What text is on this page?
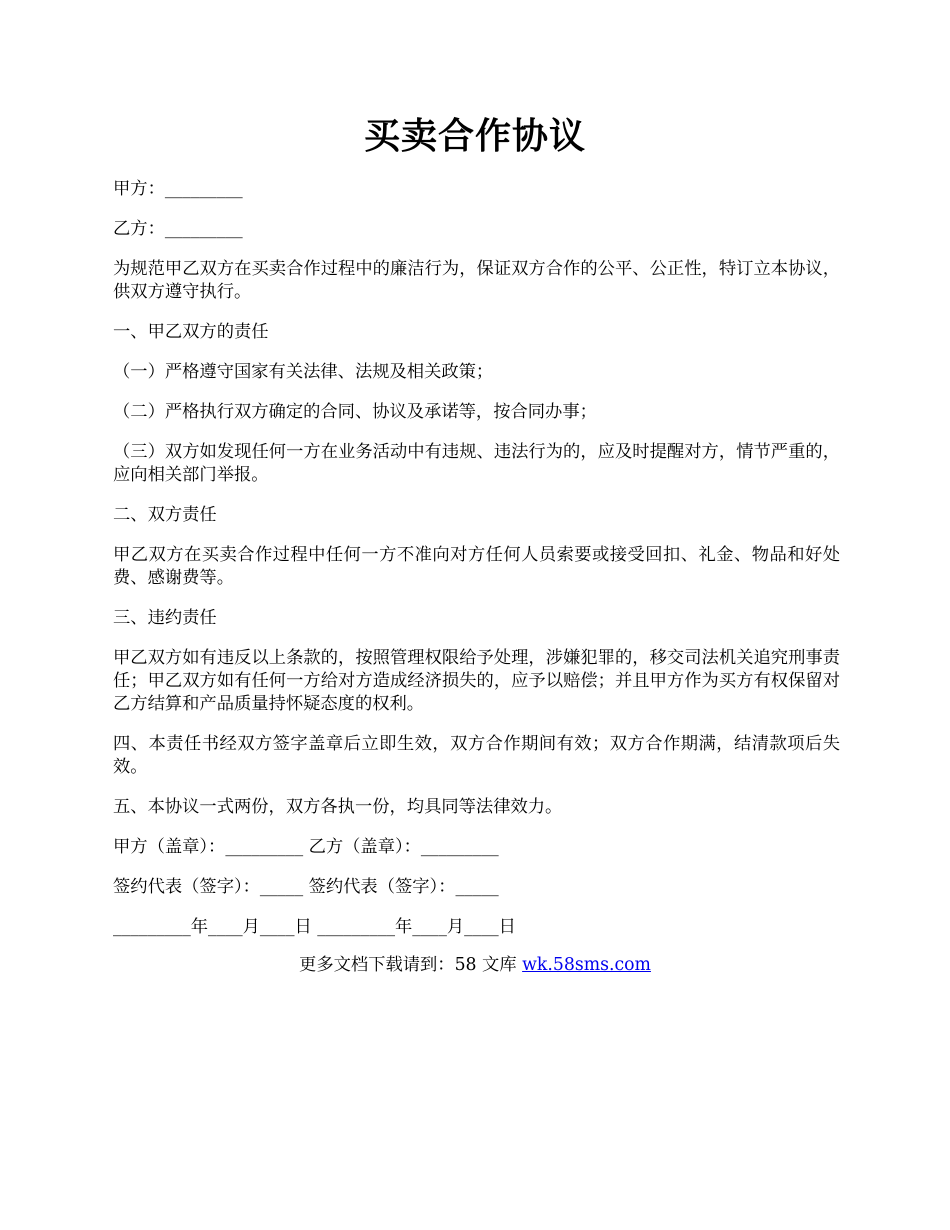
买卖合作协议

甲方：_________

乙方：_________

为规范甲乙双方在买卖合作过程中的廉洁行为，保证双方合作的公平、公正性，特订立本协议，供双方遵守执行。

一、甲乙双方的责任

（一）严格遵守国家有关法律、法规及相关政策；

（二）严格执行双方确定的合同、协议及承诺等，按合同办事；

（三）双方如发现任何一方在业务活动中有违规、违法行为的，应及时提醒对方，情节严重的，应向相关部门举报。

二、双方责任

甲乙双方在买卖合作过程中任何一方不准向对方任何人员索要或接受回扣、礼金、物品和好处费、感谢费等。

三、违约责任

甲乙双方如有违反以上条款的，按照管理权限给予处理，涉嫌犯罪的，移交司法机关追究刑事责任；甲乙双方如有任何一方给对方造成经济损失的，应予以赔偿；并且甲方作为买方有权保留对乙方结算和产品质量持怀疑态度的权利。

四、本责任书经双方签字盖章后立即生效，双方合作期间有效；双方合作期满，结清款项后失效。

五、本协议一式两份，双方各执一份，均具同等法律效力。

甲方（盖章）：_________ 乙方（盖章）：_________

签约代表（签字）：_____ 签约代表（签字）：_____

_________年____月____日 _________年____月____日

更多文档下载请到：58 文库 wk.58sms.com
